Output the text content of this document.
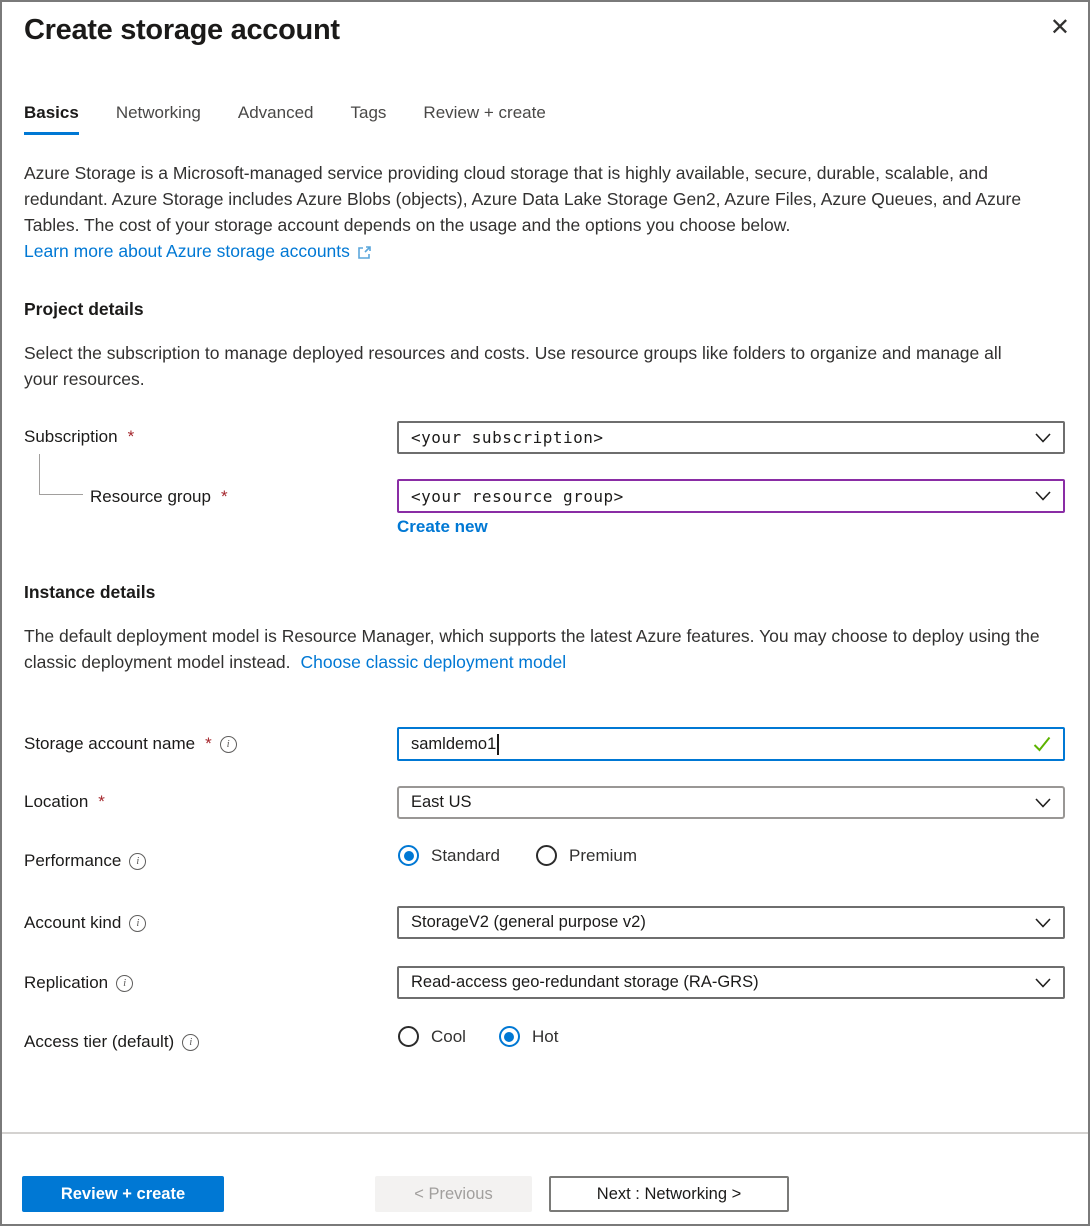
Create storage account	✕
Basics Networking Advanced Tags Review + create

Azure Storage is a Microsoft-managed service providing cloud storage that is highly available, secure, durable, scalable, and redundant. Azure Storage includes Azure Blobs (objects), Azure Data Lake Storage Gen2, Azure Files, Azure Queues, and Azure Tables. The cost of your storage account depends on the usage and the options you choose below.

Learn more about Azure storage accounts
Project details

Select the subscription to manage deployed resources and costs. Use resource groups like folders to organize and manage all your resources.

Subscription *	<your subscription>
Resource group *	<your resource group>
Create new
Instance details

The default deployment model is Resource Manager, which supports the latest Azure features. You may choose to deploy using the classic deployment model instead. Choose classic deployment model

Storage account name *	i	samldemo1
Location *	East US
Performance	i	Standard	Premium
Account kind	i	StorageV2 (general purpose v2)
Replication	i	Read-access geo-redundant storage (RA-GRS)
Access tier (default)	i	Cool	Hot
Review + create	< Previous	Next : Networking >
